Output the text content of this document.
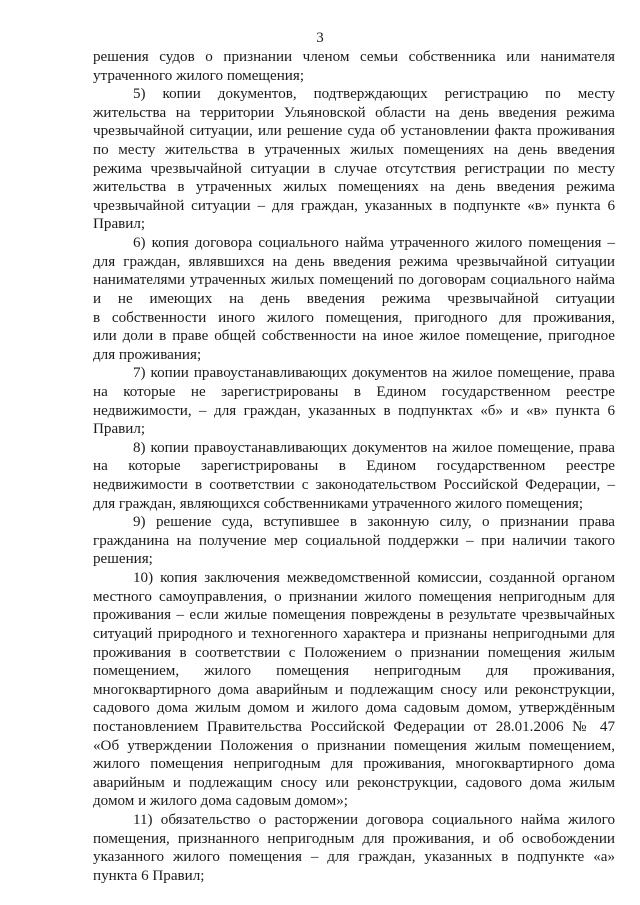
3
решения судов о признании членом семьи собственника или нанимателя
утраченного жилого помещения;
5) копии документов, подтверждающих регистрацию по месту
жительства на территории Ульяновской области на день введения режима
чрезвычайной ситуации, или решение суда об установлении факта проживания
по месту жительства в утраченных жилых помещениях на день введения
режима чрезвычайной ситуации в случае отсутствия регистрации по месту
жительства в утраченных жилых помещениях на день введения режима
чрезвычайной ситуации – для граждан, указанных в подпункте «в» пункта 6
Правил;
6) копия договора социального найма утраченного жилого помещения –
для граждан, являвшихся на день введения режима чрезвычайной ситуации
нанимателями утраченных жилых помещений по договорам социального найма
и не имеющих на день введения режима чрезвычайной ситуации
в собственности иного жилого помещения, пригодного для проживания,
или доли в праве общей собственности на иное жилое помещение, пригодное
для проживания;
7) копии правоустанавливающих документов на жилое помещение, права
на которые не зарегистрированы в Едином государственном реестре
недвижимости, – для граждан, указанных в подпунктах «б» и «в» пункта 6
Правил;
8) копии правоустанавливающих документов на жилое помещение, права
на которые зарегистрированы в Едином государственном реестре
недвижимости в соответствии с законодательством Российской Федерации, –
для граждан, являющихся собственниками утраченного жилого помещения;
9) решение суда, вступившее в законную силу, о признании права
гражданина на получение мер социальной поддержки – при наличии такого
решения;
10) копия заключения межведомственной комиссии, созданной органом
местного самоуправления, о признании жилого помещения непригодным для
проживания – если жилые помещения повреждены в результате чрезвычайных
ситуаций природного и техногенного характера и признаны непригодными для
проживания в соответствии с Положением о признании помещения жилым
помещением, жилого помещения непригодным для проживания,
многоквартирного дома аварийным и подлежащим сносу или реконструкции,
садового дома жилым домом и жилого дома садовым домом, утверждённым
постановлением Правительства Российской Федерации от 28.01.2006 № 47
«Об утверждении Положения о признании помещения жилым помещением,
жилого помещения непригодным для проживания, многоквартирного дома
аварийным и подлежащим сносу или реконструкции, садового дома жилым
домом и жилого дома садовым домом»;
11) обязательство о расторжении договора социального найма жилого
помещения, признанного непригодным для проживания, и об освобождении
указанного жилого помещения – для граждан, указанных в подпункте «а»
пункта 6 Правил;
